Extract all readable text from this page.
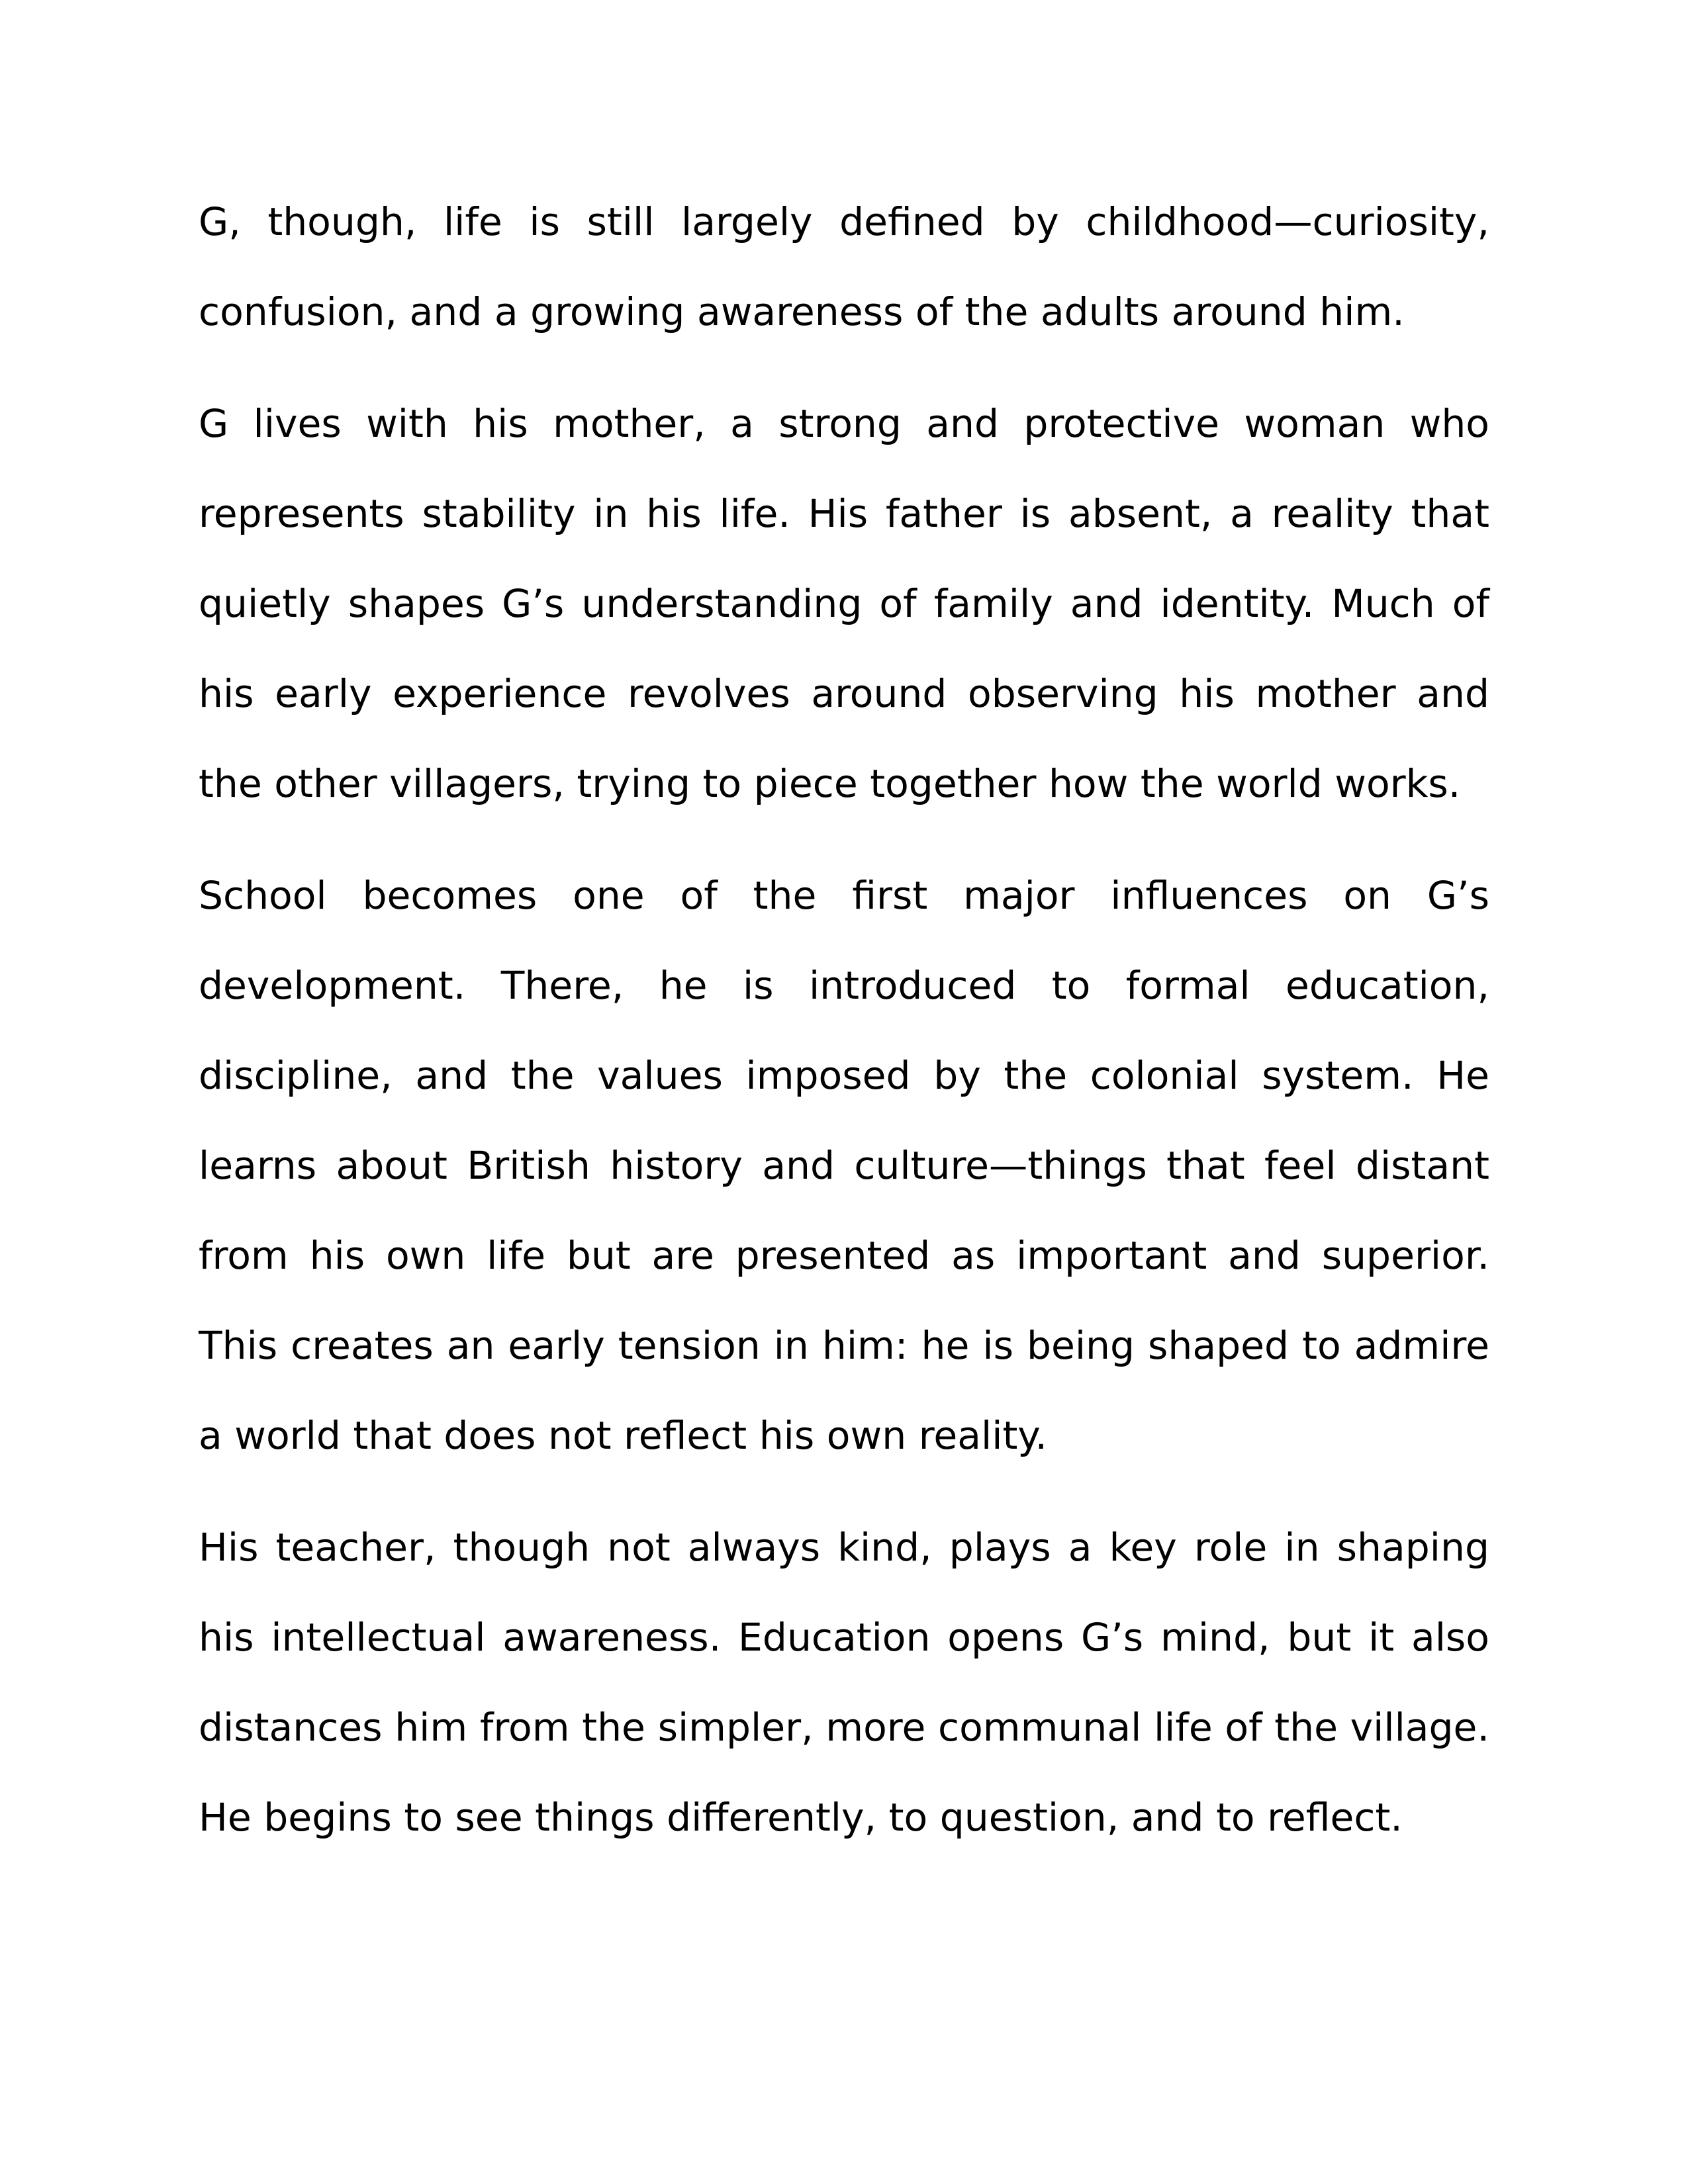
G, though, life is still largely defined by childhood—curiosity, confusion, and a growing awareness of the adults around him.

G lives with his mother, a strong and protective woman who represents stability in his life. His father is absent, a reality that quietly shapes G’s understanding of family and identity. Much of his early experience revolves around observing his mother and the other villagers, trying to piece together how the world works.

School becomes one of the first major influences on G’s development. There, he is introduced to formal education, discipline, and the values imposed by the colonial system. He learns about British history and culture—things that feel distant from his own life but are presented as important and superior. This creates an early tension in him: he is being shaped to admire a world that does not reflect his own reality.

His teacher, though not always kind, plays a key role in shaping his intellectual awareness. Education opens G’s mind, but it also distances him from the simpler, more communal life of the village. He begins to see things differently, to question, and to reflect.
